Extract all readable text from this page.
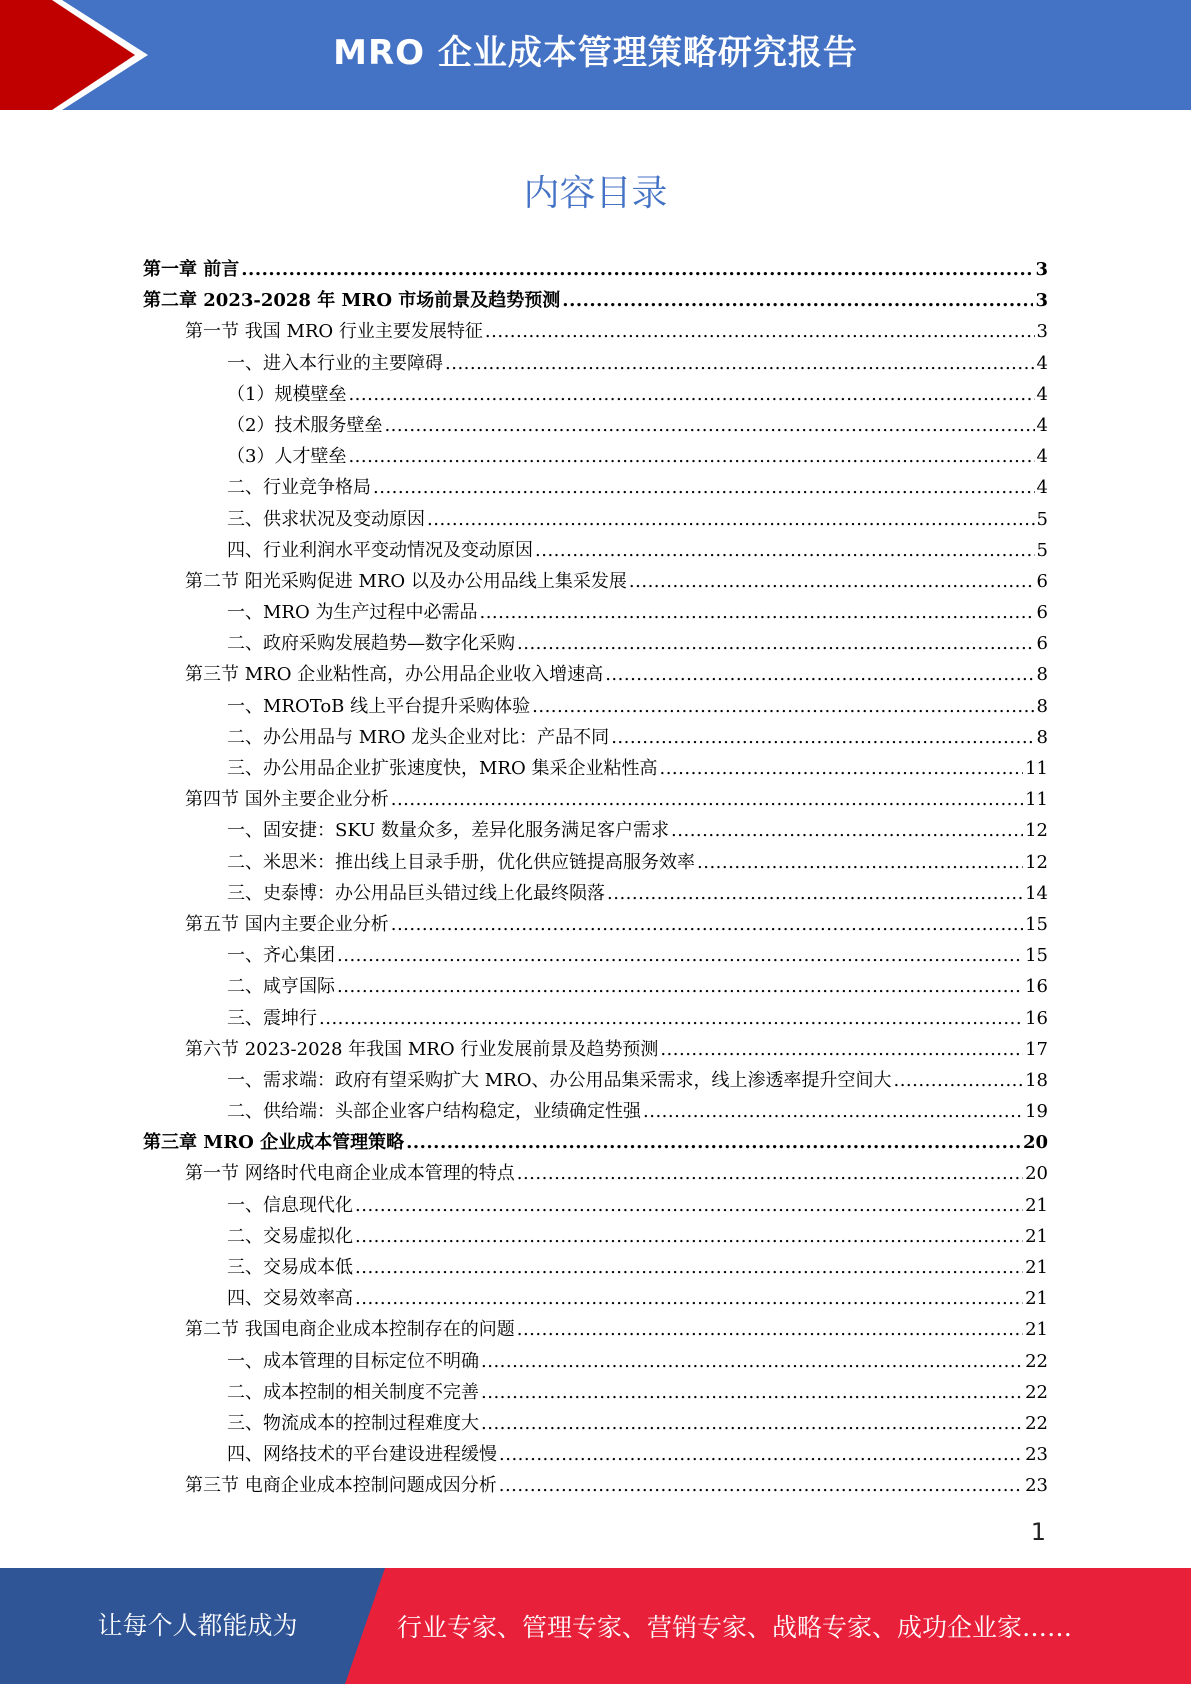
MRO 企业成本管理策略研究报告
内容目录
第一章 前言 .....	3
第二章 2023-2028 年 MRO 市场前景及趋势预测 .....	3
第一节 我国 MRO 行业主要发展特征 .....	3
一、进入本行业的主要障碍 .....	4
（1）规模壁垒 .....	4
（2）技术服务壁垒 .....	4
（3）人才壁垒 .....	4
二、行业竞争格局 .....	4
三、供求状况及变动原因 .....	5
四、行业利润水平变动情况及变动原因 .....	5
第二节 阳光采购促进 MRO 以及办公用品线上集采发展 .....	6
一、MRO 为生产过程中必需品 .....	6
二、政府采购发展趋势—数字化采购 .....	6
第三节 MRO 企业粘性高，办公用品企业收入增速高 .....	8
一、MROToB 线上平台提升采购体验 .....	8
二、办公用品与 MRO 龙头企业对比：产品不同 .....	8
三、办公用品企业扩张速度快，MRO 集采企业粘性高 .....	11
第四节 国外主要企业分析 .....	11
一、固安捷：SKU 数量众多，差异化服务满足客户需求 .....	12
二、米思米：推出线上目录手册，优化供应链提高服务效率 .....	12
三、史泰博：办公用品巨头错过线上化最终陨落 .....	14
第五节 国内主要企业分析 .....	15
一、齐心集团 .....	15
二、咸亨国际 .....	16
三、震坤行 .....	16
第六节 2023-2028 年我国 MRO 行业发展前景及趋势预测 .....	17
一、需求端：政府有望采购扩大 MRO、办公用品集采需求，线上渗透率提升空间大 .....	18
二、供给端：头部企业客户结构稳定，业绩确定性强 .....	19
第三章 MRO 企业成本管理策略 .....	20
第一节 网络时代电商企业成本管理的特点 .....	20
一、信息现代化 .....	21
二、交易虚拟化 .....	21
三、交易成本低 .....	21
四、交易效率高 .....	21
第二节 我国电商企业成本控制存在的问题 .....	21
一、成本管理的目标定位不明确 .....	22
二、成本控制的相关制度不完善 .....	22
三、物流成本的控制过程难度大 .....	22
四、网络技术的平台建设进程缓慢 .....	23
第三节 电商企业成本控制问题成因分析 .....	23
1
让每个人都能成为	行业专家、管理专家、营销专家、战略专家、成功企业家……
